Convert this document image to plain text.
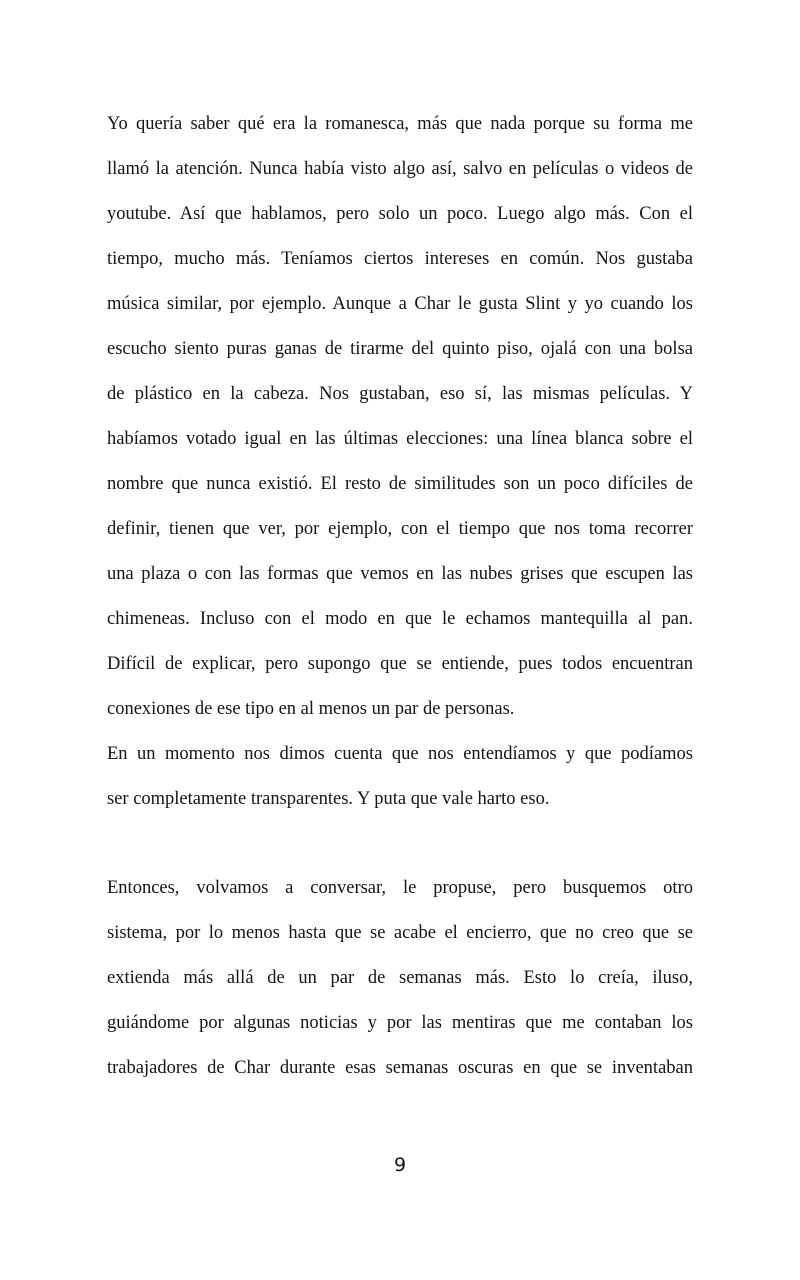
Yo quería saber qué era la romanesca, más que nada porque su forma me
llamó la atención. Nunca había visto algo así, salvo en películas o videos de
youtube. Así que hablamos, pero solo un poco. Luego algo más. Con el
tiempo, mucho más. Teníamos ciertos intereses en común. Nos gustaba
música similar, por ejemplo. Aunque a Char le gusta Slint y yo cuando los
escucho siento puras ganas de tirarme del quinto piso, ojalá con una bolsa
de plástico en la cabeza. Nos gustaban, eso sí, las mismas películas. Y
habíamos votado igual en las últimas elecciones: una línea blanca sobre el
nombre que nunca existió. El resto de similitudes son un poco difíciles de
definir, tienen que ver, por ejemplo, con el tiempo que nos toma recorrer
una plaza o con las formas que vemos en las nubes grises que escupen las
chimeneas. Incluso con el modo en que le echamos mantequilla al pan.
Difícil de explicar, pero supongo que se entiende, pues todos encuentran
conexiones de ese tipo en al menos un par de personas.
En un momento nos dimos cuenta que nos entendíamos y que podíamos
ser completamente transparentes. Y puta que vale harto eso.
Entonces, volvamos a conversar, le propuse, pero busquemos otro
sistema, por lo menos hasta que se acabe el encierro, que no creo que se
extienda más allá de un par de semanas más. Esto lo creía, iluso,
guiándome por algunas noticias y por las mentiras que me contaban los
trabajadores de Char durante esas semanas oscuras en que se inventaban
9
